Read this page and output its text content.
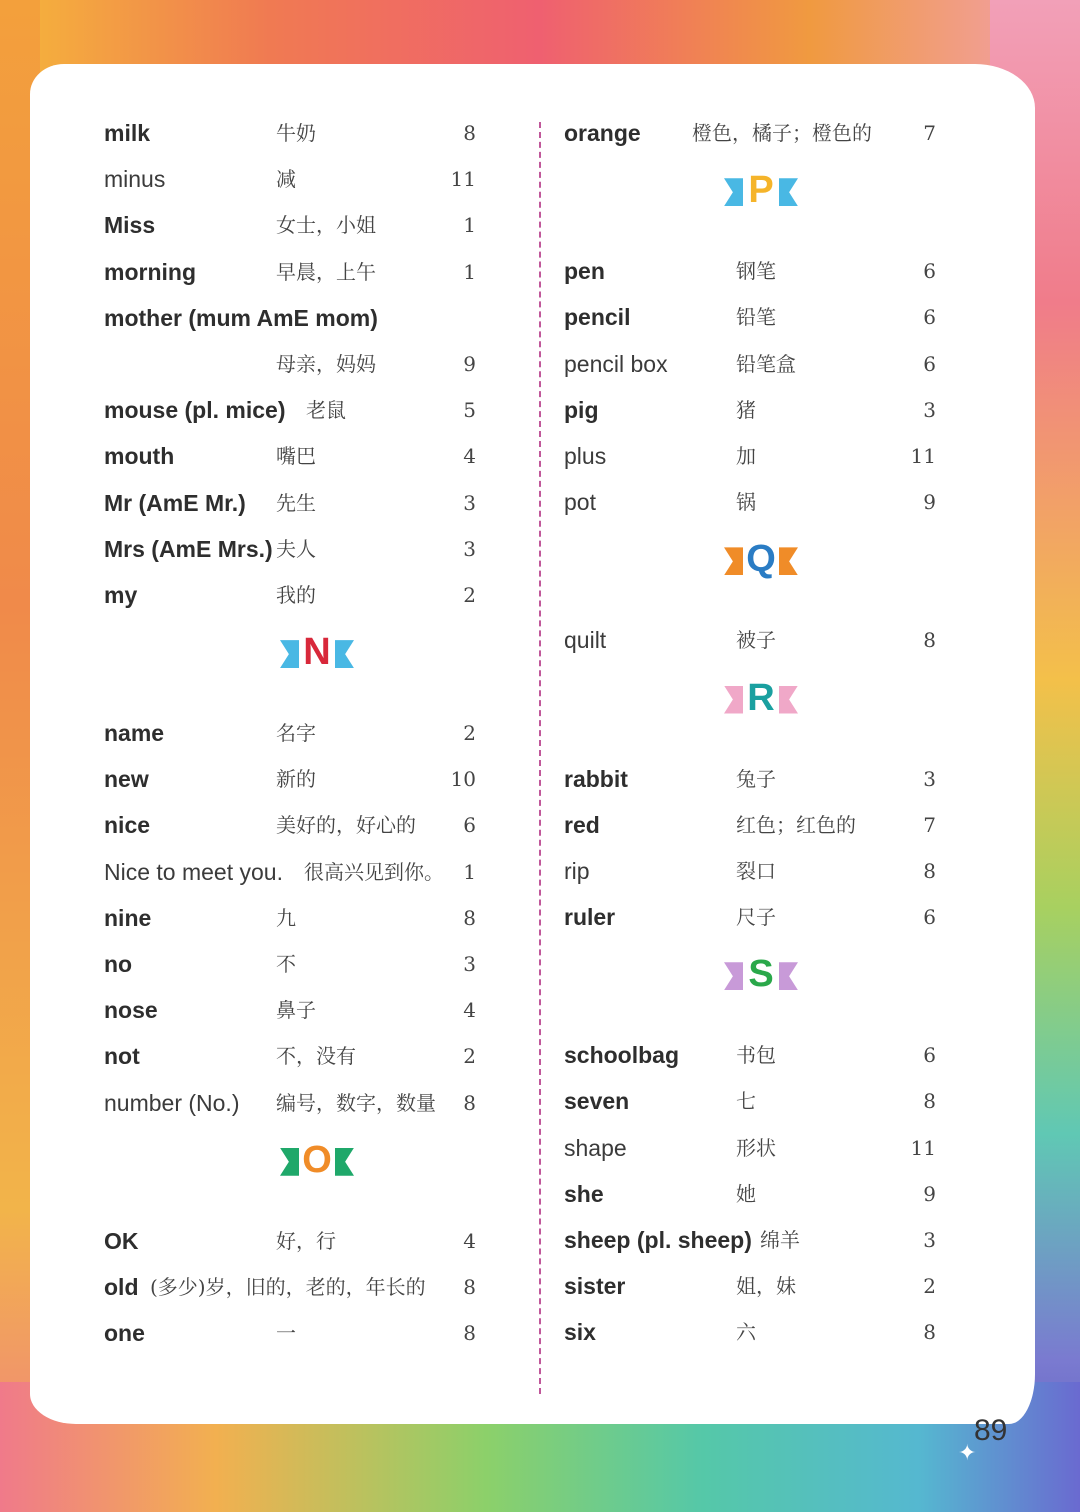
milk	牛奶	8
minus	减	11
Miss	女士，小姐	1
morning	早晨，上午	1
mother (mum AmE mom)
母亲，妈妈	9
mouse (pl. mice) 老鼠	5
mouth	嘴巴	4
Mr (AmE Mr.) 先生	3
Mrs (AmE Mrs.) 夫人	3
my	我的	2
N
name	名字	2
new	新的	10
nice	美好的，好心的 6
Nice to meet you. 很高兴见到你。 1
nine	九	8
no	不	3
nose	鼻子	4
not	不，没有	2
number (No.) 编号，数字，数量 8
O
OK	好，行	4
old (多少)岁，旧的，老的，年长的 8
one	一	8
orange	橙色，橘子；橙色的	7
P
pen	钢笔	6
pencil	铅笔	6
pencil box	铅笔盒	6
pig	猪	3
plus	加	11
pot	锅	9
Q
quilt	被子	8
R
rabbit	兔子	3
red	红色；红色的	7
rip	裂口	8
ruler	尺子	6
S
schoolbag	书包	6
seven	七	8
shape	形状	11
she	她	9
sheep (pl. sheep) 绵羊	3
sister	姐，妹	2
six	六	8
89
✦
